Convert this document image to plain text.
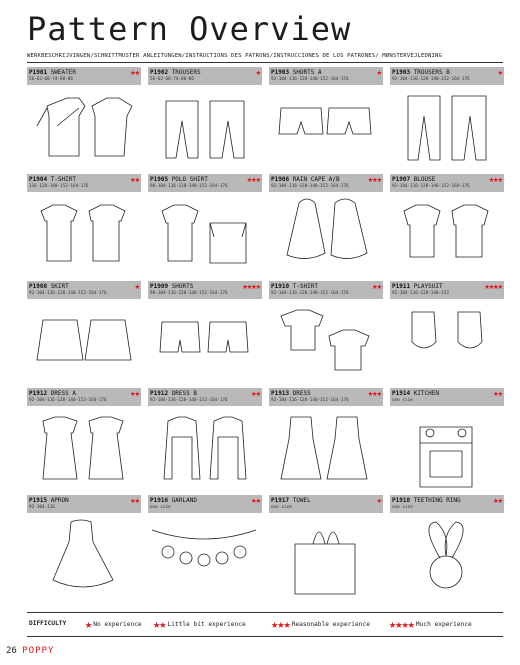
Pattern Overview
WERKBESCHRIJVINGEN/SCHNITTMUSTER ANLEITUNGEN/INSTRUCTIONS DES PATRONS/INSTRUCCIONES DE LOS PATRONES/ MØNSTERVEJLEDNING
P1901 SWEATER
56-62-68-74-80-86
★★ P1902 TROUSERS
56-62-68-74-80-86
★ P1903 SHORTS A
92-104-116-128-140-152-164-176
★ P1903 TROUSERS B
92-104-116-128-140-152-164-176
★
P1904 T-SHIRT
116-128-140-152-164-176
★★ P1905 POLO SHIRT
98-104-116-128-140-152-164-176
★★★ P1906 RAIN CAPE A/B
92-104-116-128-140-152-164-176
★★★ P1907 BLOUSE
92-104-116-128-140-152-164-176
★★★
P1908 SKIRT
92-104-116-128-140-152-164-176
★ P1909 SHORTS
98-104-116-128-140-152-164-176
★★★★ P1910 T-SHIRT
92-104-116-128-140-152-164-176
★★ P1911 PLAYSUIT
92-104-116-128-140-152
★★★★
P1912 DRESS A
92-104-116-128-140-152-164-176
★★ P1912 DRESS B
92-104-116-128-140-152-164-176
★★ P1913 DRESS
92-104-116-128-140-152-164-176
★★★ P1914 KITCHEN
one size
★★
P1915 APRON
92-104-116
★★ P1916 GARLAND
one size
★★ P1917 TOWEL
one size
★ P1918 TEETHING RING
one size
★★
DIFFICULTY ★ No experience ★★ Little bit experience ★★★ Reasonable experience ★★★★ Much experience
26 POPPY
